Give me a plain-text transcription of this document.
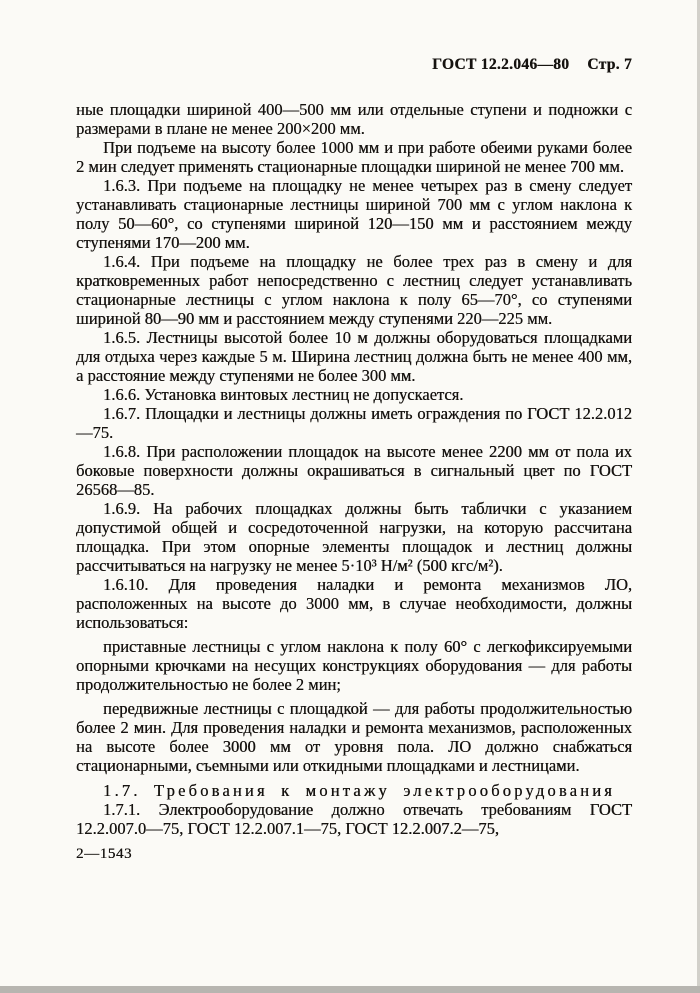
ГОСТ 12.2.046—80 Стр. 7

ные площадки шириной 400—500 мм или отдельные ступени и подножки с размерами в плане не менее 200×200 мм.

При подъеме на высоту более 1000 мм и при работе обеими руками более 2 мин следует применять стационарные площадки шириной не менее 700 мм.

1.6.3. При подъеме на площадку не менее четырех раз в смену следует устанавливать стационарные лестницы шириной 700 мм с углом наклона к полу 50—60°, со ступенями шириной 120—150 мм и расстоянием между ступенями 170—200 мм.

1.6.4. При подъеме на площадку не более трех раз в смену и для кратковременных работ непосредственно с лестниц следует устанавливать стационарные лестницы с углом наклона к полу 65—70°, со ступенями шириной 80—90 мм и расстоянием между ступенями 220—225 мм.

1.6.5. Лестницы высотой более 10 м должны оборудоваться площадками для отдыха через каждые 5 м. Ширина лестниц должна быть не менее 400 мм, а расстояние между ступенями не более 300 мм.

1.6.6. Установка винтовых лестниц не допускается.

1.6.7. Площадки и лестницы должны иметь ограждения по ГОСТ 12.2.012—75.

1.6.8. При расположении площадок на высоте менее 2200 мм от пола их боковые поверхности должны окрашиваться в сигнальный цвет по ГОСТ 26568—85.

1.6.9. На рабочих площадках должны быть таблички с указанием допустимой общей и сосредоточенной нагрузки, на которую рассчитана площадка. При этом опорные элементы площадок и лестниц должны рассчитываться на нагрузку не менее 5·10³ Н/м² (500 кгс/м²).

1.6.10. Для проведения наладки и ремонта механизмов ЛО, расположенных на высоте до 3000 мм, в случае необходимости, должны использоваться:

приставные лестницы с углом наклона к полу 60° с легкофиксируемыми опорными крючками на несущих конструкциях оборудования — для работы продолжительностью не более 2 мин;

передвижные лестницы с площадкой — для работы продолжительностью более 2 мин. Для проведения наладки и ремонта механизмов, расположенных на высоте более 3000 мм от уровня пола. ЛО должно снабжаться стационарными, съемными или откидными площадками и лестницами.

1.7. Требования к монтажу электрооборудования

1.7.1. Электрооборудование должно отвечать требованиям ГОСТ 12.2.007.0—75, ГОСТ 12.2.007.1—75, ГОСТ 12.2.007.2—75,

2—1543
